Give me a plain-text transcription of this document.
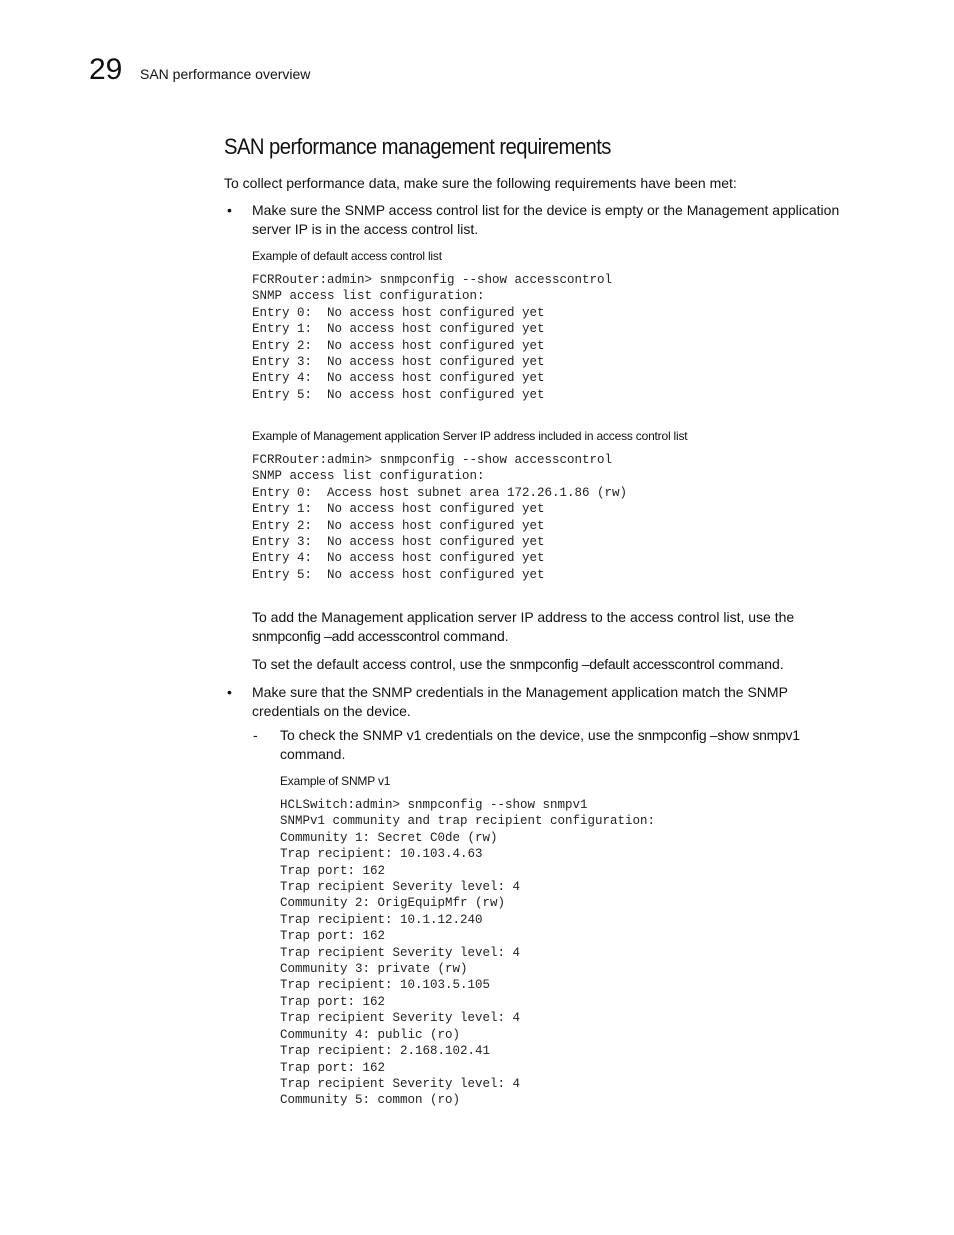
29 SAN performance overview
SAN performance management requirements

To collect performance data, make sure the following requirements have been met:

• Make sure the SNMP access control list for the device is empty or the Management application server IP is in the access control list.

Example of default access control list
FCRRouter:admin> snmpconfig --show accesscontrol
SNMP access list configuration:
Entry 0:  No access host configured yet
Entry 1:  No access host configured yet
Entry 2:  No access host configured yet
Entry 3:  No access host configured yet
Entry 4:  No access host configured yet
Entry 5:  No access host configured yet
Example of Management application Server IP address included in access control list
FCRRouter:admin> snmpconfig --show accesscontrol
SNMP access list configuration:
Entry 0:  Access host subnet area 172.26.1.86 (rw)
Entry 1:  No access host configured yet
Entry 2:  No access host configured yet
Entry 3:  No access host configured yet
Entry 4:  No access host configured yet
Entry 5:  No access host configured yet

To add the Management application server IP address to the access control list, use the
snmpconfig –add accesscontrol command.

To set the default access control, use the snmpconfig –default accesscontrol command.

• Make sure that the SNMP credentials in the Management application match the SNMP credentials on the device.

- To check the SNMP v1 credentials on the device, use the snmpconfig –show snmpv1
command.

Example of SNMP v1
HCLSwitch:admin> snmpconfig --show snmpv1
SNMPv1 community and trap recipient configuration:
Community 1: Secret C0de (rw)
Trap recipient: 10.103.4.63
Trap port: 162
Trap recipient Severity level: 4
Community 2: OrigEquipMfr (rw)
Trap recipient: 10.1.12.240
Trap port: 162
Trap recipient Severity level: 4
Community 3: private (rw)
Trap recipient: 10.103.5.105
Trap port: 162
Trap recipient Severity level: 4
Community 4: public (ro)
Trap recipient: 2.168.102.41
Trap port: 162
Trap recipient Severity level: 4
Community 5: common (ro)
